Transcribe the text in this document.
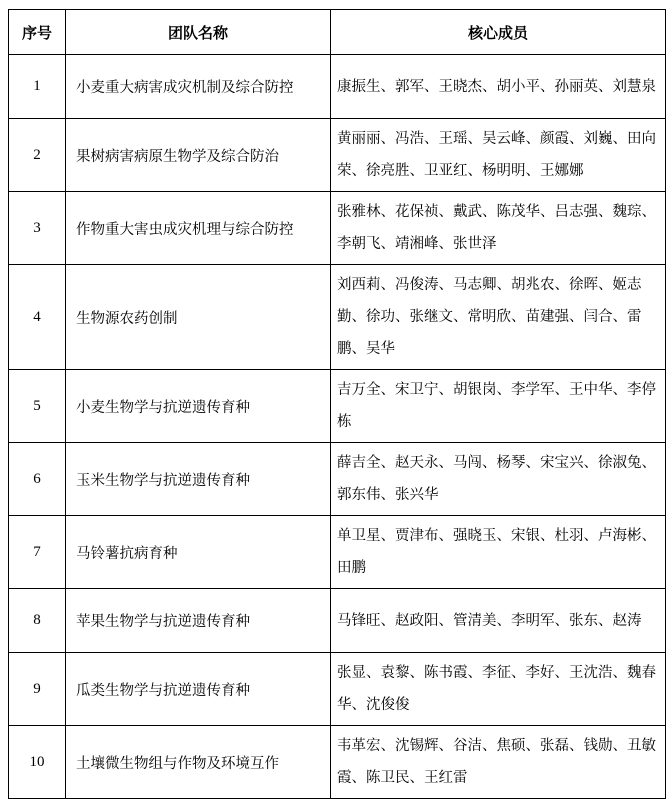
序号	团队名称	核心成员
1	小麦重大病害成灾机制及综合防控	康振生、郭军、王晓杰、胡小平、孙丽英、刘慧泉
2	果树病害病原生物学及综合防治	黄丽丽、冯浩、王瑶、吴云峰、颜霞、刘巍、田向荣、徐亮胜、卫亚红、杨明明、王娜娜
3	作物重大害虫成灾机理与综合防控	张雅林、花保祯、戴武、陈茂华、吕志强、魏琮、李朝飞、靖湘峰、张世泽
4	生物源农药创制	刘西莉、冯俊涛、马志卿、胡兆农、徐晖、姬志勤、徐功、张继文、常明欣、苗建强、闫合、雷鹏、吴华
5	小麦生物学与抗逆遗传育种	吉万全、宋卫宁、胡银岗、李学军、王中华、李停栋
6	玉米生物学与抗逆遗传育种	薛吉全、赵天永、马闯、杨琴、宋宝兴、徐淑兔、郭东伟、张兴华
7	马铃薯抗病育种	单卫星、贾津布、强晓玉、宋银、杜羽、卢海彬、田鹏
8	苹果生物学与抗逆遗传育种	马锋旺、赵政阳、管清美、李明军、张东、赵涛
9	瓜类生物学与抗逆遗传育种	张显、袁黎、陈书霞、李征、李好、王沈浩、魏春华、沈俊俊
10	土壤微生物组与作物及环境互作	韦革宏、沈锡辉、谷洁、焦硕、张磊、钱勋、丑敏霞、陈卫民、王红雷
